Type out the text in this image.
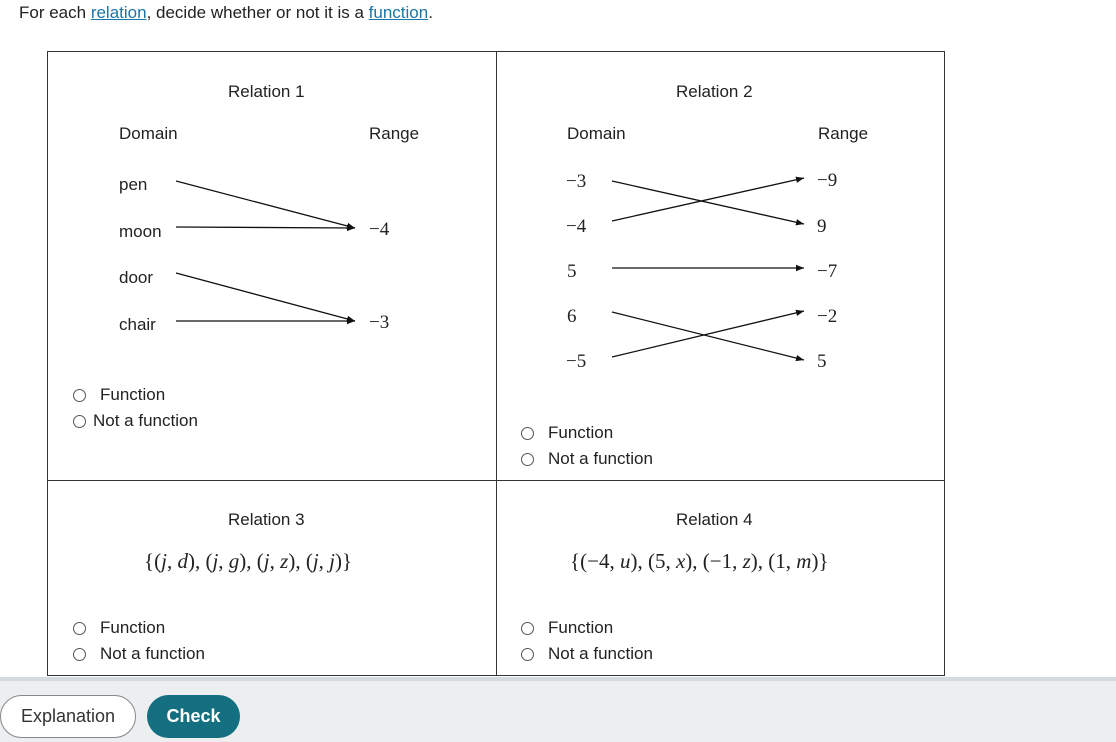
For each relation, decide whether or not it is a function.
Relation 1
Domain	Range
pen
moon
door
chair
−4
−3
Function
Not a function
Relation 2
Domain	Range
−3
−4
5
6
−5
−9
9
−7
−2
5
Function
Not a function
Relation 3
{(j, d), (j, g), (j, z), (j, j)}
Function
Not a function
Relation 4
{(−4, u), (5, x), (−1, z), (1, m)}
Function
Not a function
Explanation	Check
